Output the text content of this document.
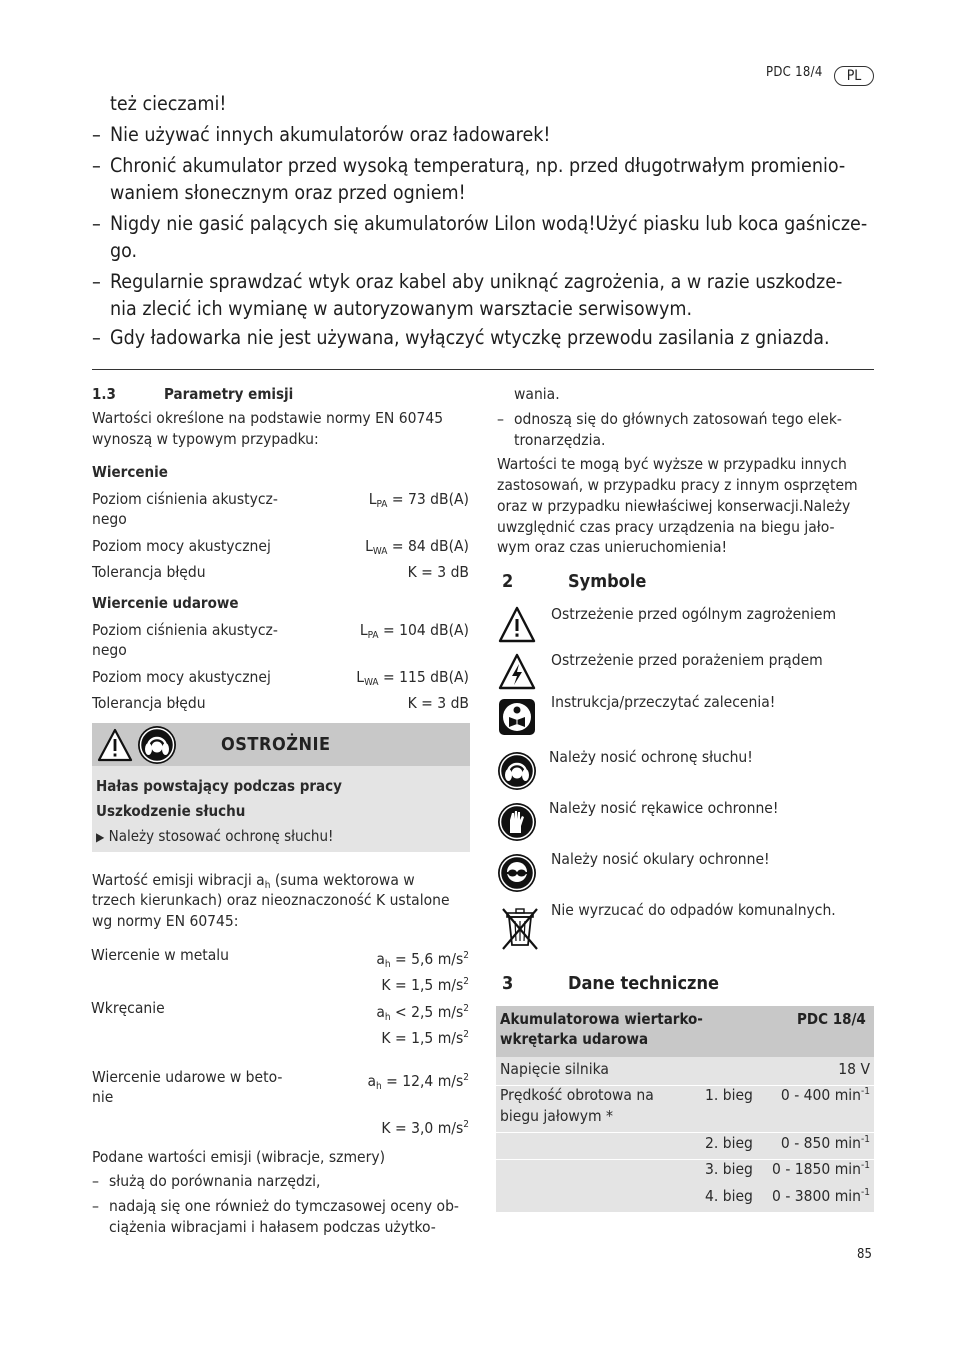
PDC 18/4	PL
też cieczami!
– Nie używać innych akumulatorów oraz ładowarek!
– Chronić akumulator przed wysoką temperaturą, np. przed długotrwałym promienio-
waniem słonecznym oraz przed ogniem!
– Nigdy nie gasić palących się akumulatorów LiIon wodą!Użyć piasku lub koca gaśnicze-
go.
– Regularnie sprawdzać wtyk oraz kabel aby uniknąć zagrożenia, a w razie uszkodze-
nia zlecić ich wymianę w autoryzowanym warsztacie serwisowym.
– Gdy ładowarka nie jest używana, wyłączyć wtyczkę przewodu zasilania z gniazda.
1.3	Parametry emisji
Wartości określone na podstawie normy EN 60745
wynoszą w typowym przypadku:
Wiercenie
Poziom ciśnienia akustycz-	$L_{PA} = 73$ dB(A)
nego
Poziom mocy akustycznej	$L_{WA} = 84$ dB(A)
Tolerancja błędu	K = 3 dB
Wiercenie udarowe
Poziom ciśnienia akustycz-	$L_{PA} = 104$ dB(A)
nego
Poziom mocy akustycznej	$L_{WA} = 115$ dB(A)
Tolerancja błędu	K = 3 dB
OSTROŻNIE
Hałas powstający podczas pracy
Uszkodzenie słuchu
▶ Należy stosować ochronę słuchu!
Wartość emisji wibracji $a_h$ (suma wektorowa w
trzech kierunkach) oraz nieoznaczoność K ustalone
wg normy EN 60745:
Wiercenie w metalu	$a_h = 5,6$ $m/s^2$
K = 1,5 $m/s^2$
Wkręcanie	$a_h < 2,5$ $m/s^2$
K = 1,5 $m/s^2$
Wiercenie udarowe w beto-	$a_h = 12,4$ $m/s^2$
nie
K = 3,0 $m/s^2$
Podane wartości emisji (wibracje, szmery)
– służą do porównania narzędzi,
– nadają się one również do tymczasowej oceny ob-
ciążenia wibracjami i hałasem podczas użytko-
wania.
– odnoszą się do głównych zatosowań tego elek-
tronarzędzia.
Wartości te mogą być wyższe w przypadku innych
zastosowań, w przypadku pracy z innym osprzętem
oraz w przypadku niewłaściwej konserwacji.Należy
uwzględnić czas pracy urządzenia na biegu jało-
wym oraz czas unieruchomienia!
2	Symbole
Ostrzeżenie przed ogólnym zagrożeniem
Ostrzeżenie przed porażeniem prądem
Instrukcja/przeczytać zalecenia!
Należy nosić ochronę słuchu!
Należy nosić rękawice ochronne!
Należy nosić okulary ochronne!
Nie wyrzucać do odpadów komunalnych.
3	Dane techniczne
Akumulatorowa wiertarko-
wkrętarka udarowa
PDC 18/4
Napięcie silnika	18 V
Prędkość obrotowa na	1. bieg 0 - 400 $\min^{-1}$
biegu jałowym *
2. bieg 0 - 850 $\min^{-1}$
3. bieg 0 - 1850 $\min^{-1}$
4. bieg 0 - 3800 $\min^{-1}$
85
